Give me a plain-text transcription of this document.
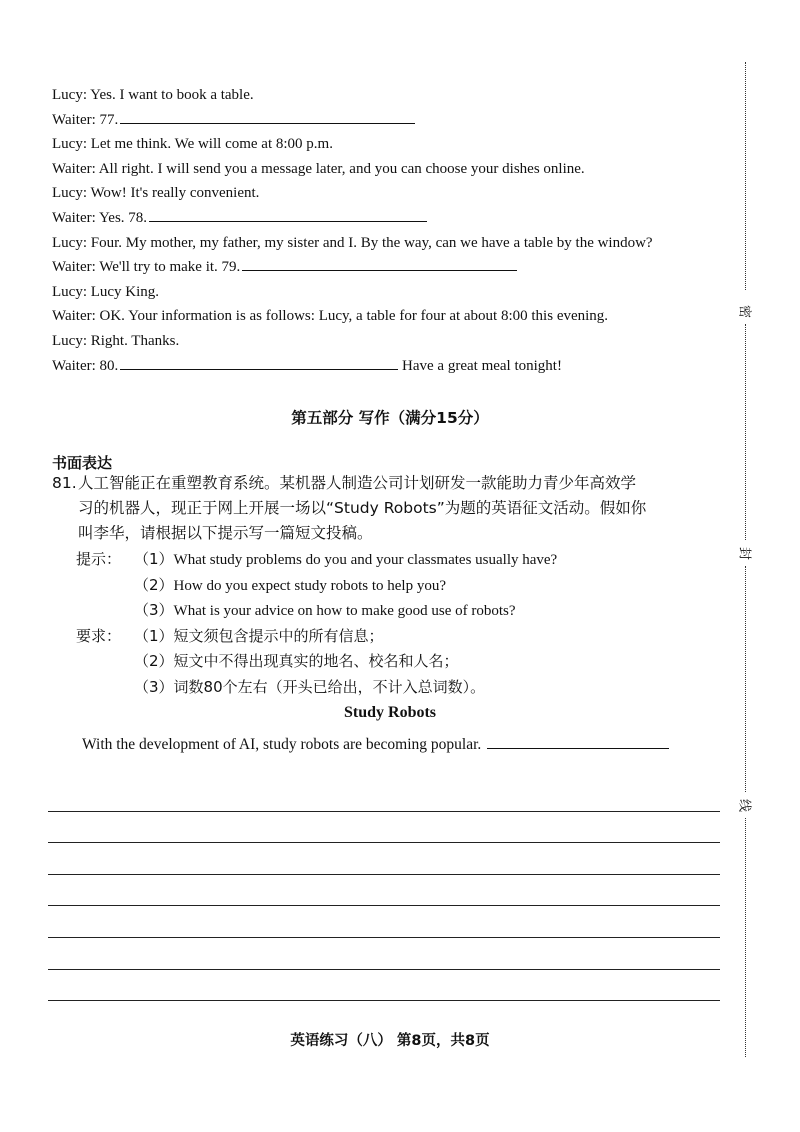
Lucy: Yes. I want to book a table.
Waiter: 77.
Lucy: Let me think. We will come at 8:00 p.m.
Waiter: All right. I will send you a message later, and you can choose your dishes online.
Lucy: Wow! It's really convenient.
Waiter: Yes. 78.
Lucy: Four. My mother, my father, my sister and I. By the way, can we have a table by the window?
Waiter: We'll try to make it. 79.
Lucy: Lucy King.
Waiter: OK. Your information is as follows: Lucy, a table for four at about 8:00 this evening.
Lucy: Right. Thanks.
Waiter: 80.	Have a great meal tonight!
第五部分 写作（满分15分）
书面表达
81.人工智能正在重塑教育系统。某机器人制造公司计划研发一款能助力青少年高效学
习的机器人，现正于网上开展一场以“Study Robots”为题的英语征文活动。假如你
叫李华，请根据以下提示写一篇短文投稿。
提示： （1）What study problems do you and your classmates usually have?
（2）How do you expect study robots to help you?
（3）What is your advice on how to make good use of robots?
要求： （1）短文须包含提示中的所有信息；
（2）短文中不得出现真实的地名、校名和人名；
（3）词数80个左右（开头已给出，不计入总词数）。
Study Robots
With the development of AI, study robots are becoming popular.
英语练习（八） 第8页，共8页
密
封
线
